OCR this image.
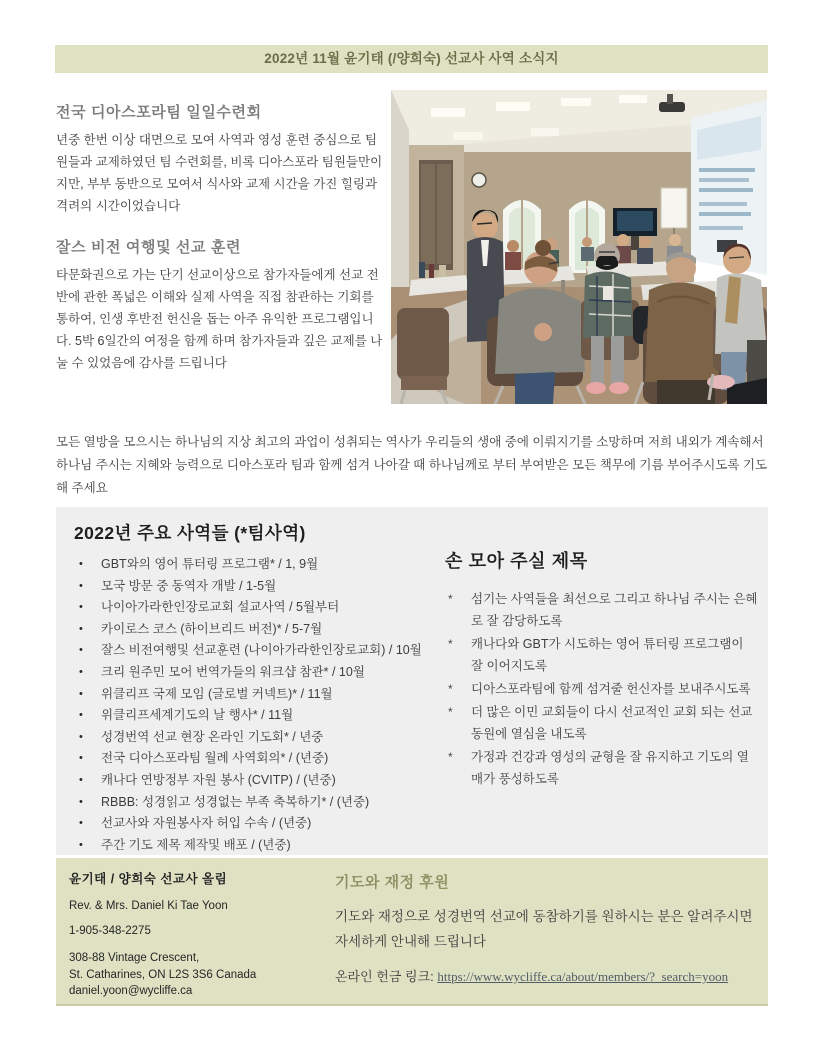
2022년 11월 윤기태 (/양희숙) 선교사 사역 소식지
전국 디아스포라팀 일일수련회
년중 한번 이상 대면으로 모여 사역과 영성 훈련 중심으로 팀원들과 교제하였던 팀 수련회를, 비록 디아스포라 팀원들만이지만, 부부 동반으로 모여서 식사와 교제 시간을 가진 힐링과 격려의 시간이었습니다
잘스 비전 여행및 선교 훈련
타문화권으로 가는 단기 선교이상으로 참가자들에게 선교 전반에 관한 폭넓은 이해와 실제 사역을 직접 참관하는 기회를 통하여, 인생 후반전 헌신을 돕는 아주 유익한 프로그램입니다. 5박 6일간의 여정을 함께 하며 참가자들과 깊은 교제를 나눌 수 있었음에 감사를 드립니다
모든 열방을 모으시는 하나님의 지상 최고의 과업이 성취되는 역사가 우리들의 생애 중에 이뤄지기를 소망하며 저희 내외가 계속해서 하나님 주시는 지혜와 능력으로 디아스포라 팀과 함께 섬겨 나아갈 때 하나님께로 부터 부여받은 모든 책무에 기름 부어주시도록 기도해 주세요
2022년 주요 사역들 (*팀사역)
•	GBT와의 영어 튜터링 프로그램* / 1, 9월
•	모국 방문 중 동역자 개발 / 1-5월
•	나이아가라한인장로교회 설교사역 / 5월부터
•	카이로스 코스 (하이브리드 버전)* / 5-7월
•	잘스 비전여행및 선교훈련 (나이아가라한인장로교회) / 10월
•	크리 원주민 모어 번역가들의 워크샵 참관* / 10월
•	위클리프 국제 모임 (글로벌 커넥트)* / 11월
•	위클리프세계기도의 날 행사* / 11월
•	성경번역 선교 현장 온라인 기도회* / 년중
•	전국 디아스포라팀 월례 사역회의* / (년중)
•	캐나다 연방정부 자원 봉사 (CVITP) / (년중)
•	RBBB: 성경읽고 성경없는 부족 축복하기* / (년중)
•	선교사와 자원봉사자 허입 수속 / (년중)
•	주간 기도 제목 제작및 배포 / (년중)
손 모아 주실 제목
*	섬기는 사역들을 최선으로 그리고 하나님 주시는 은혜로 잘 감당하도록
*	캐나다와 GBT가 시도하는 영어 튜터링 프로그램이 잘 이어지도록
*	디아스포라팀에 함께 섬겨줄 헌신자를 보내주시도록
*	더 많은 이민 교회들이 다시 선교적인 교회 되는 선교 동원에 열심을 내도록
*	가정과 건강과 영성의 균형을 잘 유지하고 기도의 열매가 풍성하도록
윤기태 / 양희숙 선교사 올림
Rev. & Mrs. Daniel Ki Tae Yoon
1-905-348-2275
308-88 Vintage Crescent,
St. Catharines, ON L2S 3S6 Canada
daniel.yoon@wycliffe.ca
기도와 재정 후원
기도와 재정으로 성경번역 선교에 동참하기를 원하시는 분은 알려주시면 자세하게 안내해 드립니다
온라인 헌금 링크: https://www.wycliffe.ca/about/members/?_search=yoon
